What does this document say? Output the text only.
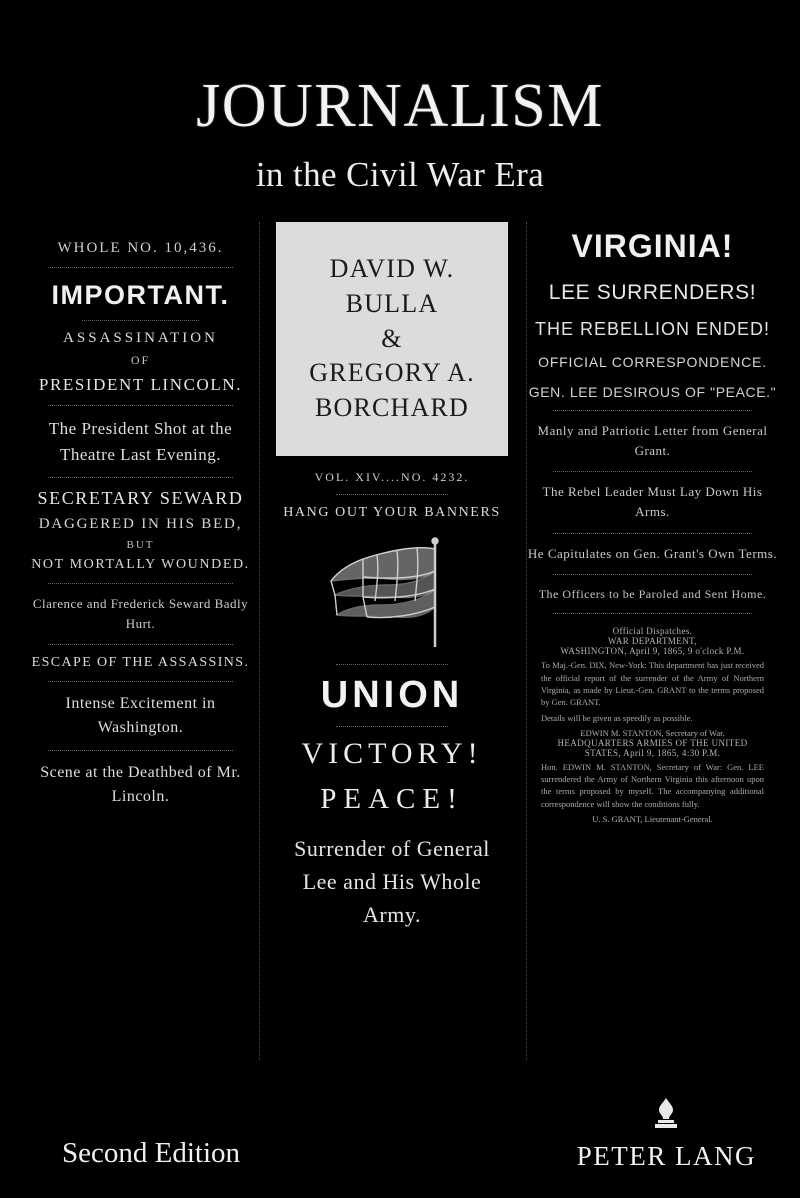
JOURNALISM
in the Civil War Era
WHOLE NO. 10,436.
IMPORTANT.
ASSASSINATION
OF
PRESIDENT LINCOLN.
The President Shot at the Theatre Last Evening.
SECRETARY SEWARD
DAGGERED IN HIS BED,
BUT
NOT MORTALLY WOUNDED.
Clarence and Frederick Seward Badly Hurt.
ESCAPE OF THE ASSASSINS.
Intense Excitement in Washington.
Scene at the Deathbed of Mr. Lincoln.
DAVID W.
BULLA
&
GREGORY A.
BORCHARD
VOL. XIV....NO. 4232.
HANG OUT YOUR BANNERS
UNION
VICTORY!
PEACE!
Surrender of General Lee and His Whole Army.
VIRGINIA!
LEE SURRENDERS!
THE REBELLION ENDED!
OFFICIAL CORRESPONDENCE.
GEN. LEE DESIROUS OF "PEACE."
Manly and Patriotic Letter from General Grant.
The Rebel Leader Must Lay Down His Arms.
He Capitulates on Gen. Grant's Own Terms.
The Officers to be Paroled and Sent Home.
Official Dispatches.
WAR DEPARTMENT,
WASHINGTON, April 9, 1865, 9 o'clock P.M.

To Maj.-Gen. DIX, New-York: This department has just received the official report of the surrender of the Army of Northern Virginia, as made by Lieut.-Gen. GRANT to the terms proposed by Gen. GRANT.

Details will be given as speedily as possible.

EDWIN M. STANTON, Secretary of War.
HEADQUARTERS ARMIES OF THE UNITED STATES, April 9, 1865, 4:30 P.M.

Hon. EDWIN M. STANTON, Secretary of War: Gen. LEE surrendered the Army of Northern Virginia this afternoon upon the terms proposed by myself. The accompanying additional correspondence will show the conditions fully.

U. S. GRANT, Lieutenant-General.
Second Edition	PETER LANG
